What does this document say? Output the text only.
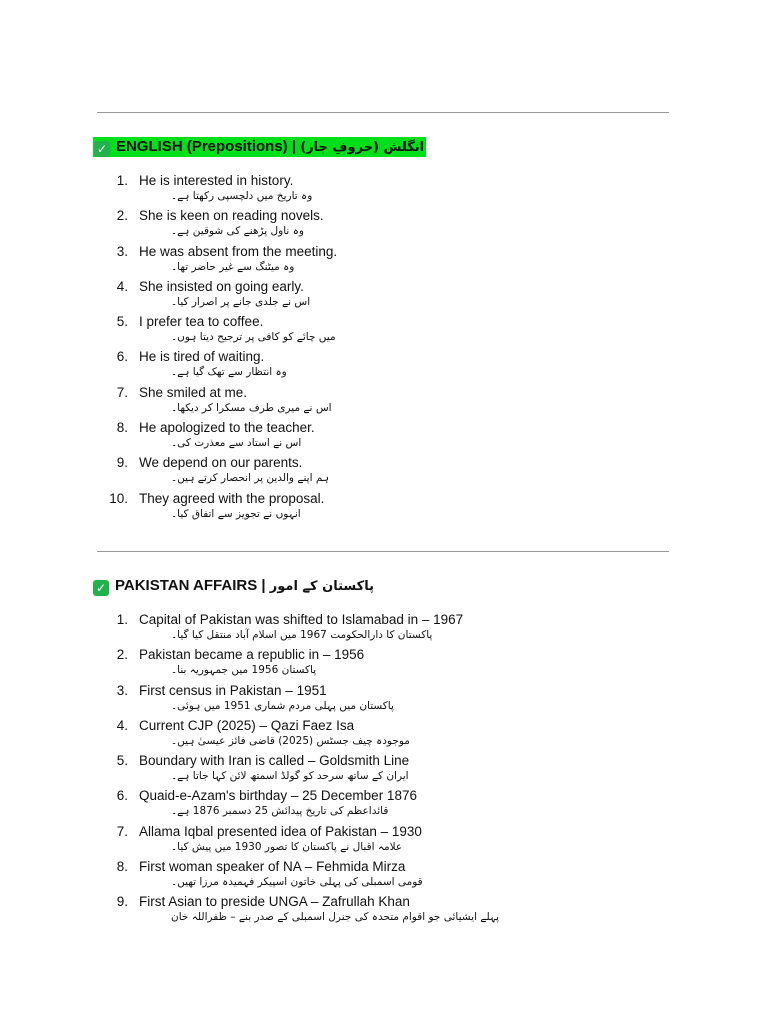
✓ ENGLISH (Prepositions) | انگلش (حروفِ جار)
1. He is interested in history.
وہ تاریخ میں دلچسپی رکھتا ہے۔
2. She is keen on reading novels.
وہ ناول پڑھنے کی شوقین ہے۔
3. He was absent from the meeting.
وہ میٹنگ سے غیر حاضر تھا۔
4. She insisted on going early.
اس نے جلدی جانے پر اصرار کیا۔
5. I prefer tea to coffee.
میں چائے کو کافی پر ترجیح دیتا ہوں۔
6. He is tired of waiting.
وہ انتظار سے تھک گیا ہے۔
7. She smiled at me.
اس نے میری طرف مسکرا کر دیکھا۔
8. He apologized to the teacher.
اس نے استاد سے معذرت کی۔
9. We depend on our parents.
ہم اپنے والدین پر انحصار کرتے ہیں۔
10. They agreed with the proposal.
انہوں نے تجویز سے اتفاق کیا۔
✓ PAKISTAN AFFAIRS | پاکستان کے امور
1. Capital of Pakistan was shifted to Islamabad in – 1967
پاکستان کا دارالحکومت 1967 میں اسلام آباد منتقل کیا گیا۔
2. Pakistan became a republic in – 1956
پاکستان 1956 میں جمہوریہ بنا۔
3. First census in Pakistan – 1951
پاکستان میں پہلی مردم شماری 1951 میں ہوئی۔
4. Current CJP (2025) – Qazi Faez Isa
موجودہ چیف جسٹس (2025) قاضی فائز عیسیٰ ہیں۔
5. Boundary with Iran is called – Goldsmith Line
ایران کے ساتھ سرحد کو گولڈ اسمتھ لائن کہا جاتا ہے۔
6. Quaid-e-Azam's birthday – 25 December 1876
قائداعظم کی تاریخ پیدائش 25 دسمبر 1876 ہے۔
7. Allama Iqbal presented idea of Pakistan – 1930
علامہ اقبال نے پاکستان کا تصور 1930 میں پیش کیا۔
8. First woman speaker of NA – Fehmida Mirza
قومی اسمبلی کی پہلی خاتون اسپیکر فہمیدہ مرزا تھیں۔
9. First Asian to preside UNGA – Zafrullah Khan
پہلے ایشیائی جو اقوام متحدہ کی جنرل اسمبلی کے صدر بنے – ظفراللہ خان
